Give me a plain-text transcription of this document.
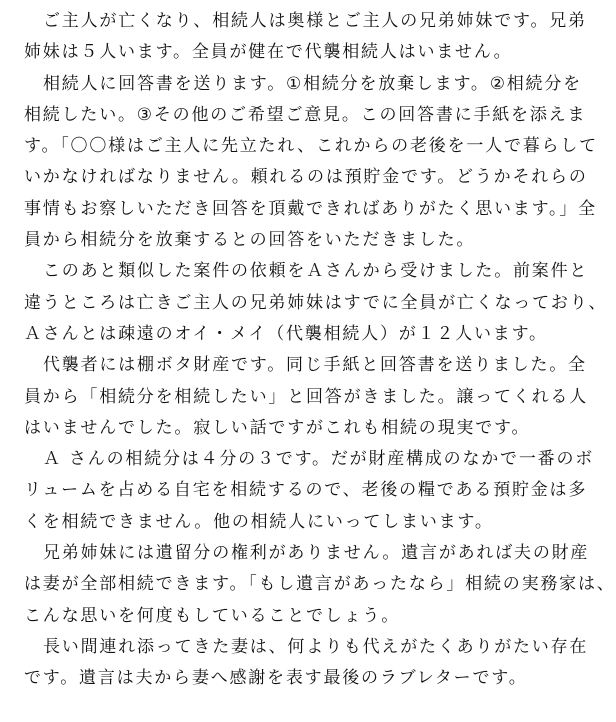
ご主人が亡くなり、相続人は奥様とご主人の兄弟姉妹です。兄弟
姉妹は５人います。全員が健在で代襲相続人はいません。
相続人に回答書を送ります。①相続分を放棄します。②相続分を
相続したい。③その他のご希望ご意見。この回答書に手紙を添えま
す。「〇〇様はご主人に先立たれ、これからの老後を一人で暮らして
いかなければなりません。頼れるのは預貯金です。どうかそれらの
事情もお察しいただき回答を頂戴できればありがたく思います。」全
員から相続分を放棄するとの回答をいただきました。
このあと類似した案件の依頼をＡさんから受けました。前案件と
違うところは亡きご主人の兄弟姉妹はすでに全員が亡くなっており、
Ａさんとは疎遠のオイ・メイ（代襲相続人）が１２人います。
代襲者には棚ボタ財産です。同じ手紙と回答書を送りました。全
員から「相続分を相続したい」と回答がきました。譲ってくれる人
はいませんでした。寂しい話ですがこれも相続の現実です。
Ａ さんの相続分は４分の３です。だが財産構成のなかで一番のボ
リュームを占める自宅を相続するので、老後の糧である預貯金は多
くを相続できません。他の相続人にいってしまいます。
兄弟姉妹には遺留分の権利がありません。遺言があれば夫の財産
は妻が全部相続できます。「もし遺言があったなら」相続の実務家は、
こんな思いを何度もしていることでしょう。
長い間連れ添ってきた妻は、何よりも代えがたくありがたい存在
です。遺言は夫から妻へ感謝を表す最後のラブレターです。
